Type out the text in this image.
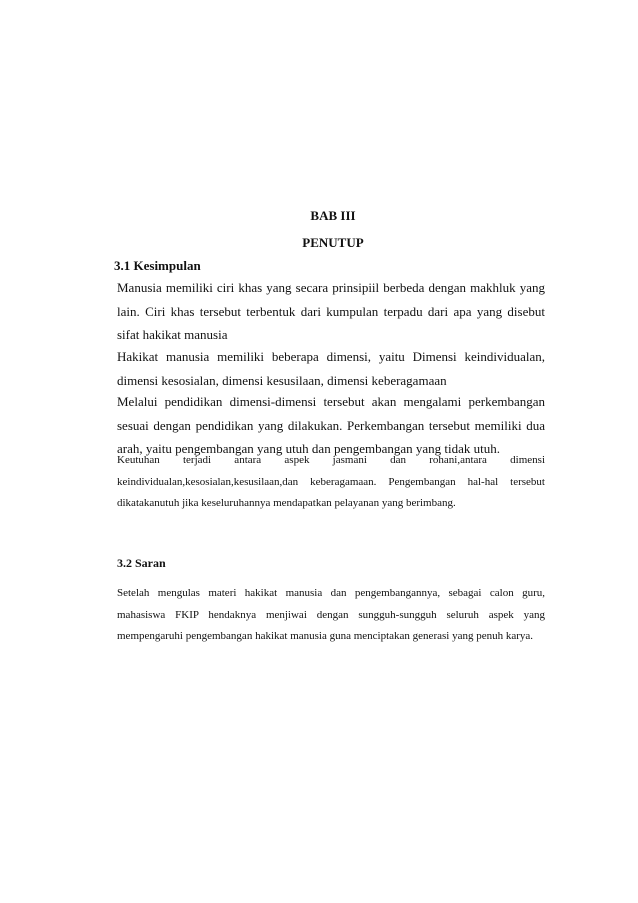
BAB III
PENUTUP
3.1 Kesimpulan
Manusia memiliki ciri khas yang secara prinsipiil berbeda dengan makhluk yang lain. Ciri khas tersebut terbentuk dari kumpulan terpadu dari apa yang disebut sifat hakikat manusia
Hakikat manusia memiliki beberapa dimensi, yaitu Dimensi keindividualan, dimensi kesosialan, dimensi kesusilaan, dimensi keberagamaan
Melalui pendidikan dimensi-dimensi tersebut akan mengalami perkembangan sesuai dengan pendidikan yang dilakukan. Perkembangan tersebut memiliki dua arah, yaitu pengembangan yang utuh dan pengembangan yang tidak utuh.
Keutuhan terjadi antara aspek jasmani dan rohani,antara dimensi keindividualan,kesosialan,kesusilaan,dan keberagamaan. Pengembangan hal-hal tersebut dikatakanutuh jika keseluruhannya mendapatkan pelayanan yang berimbang.
3.2 Saran
Setelah mengulas materi hakikat manusia dan pengembangannya, sebagai calon guru, mahasiswa FKIP hendaknya menjiwai dengan sungguh-sungguh seluruh aspek yang mempengaruhi pengembangan hakikat manusia guna menciptakan generasi yang penuh karya.
